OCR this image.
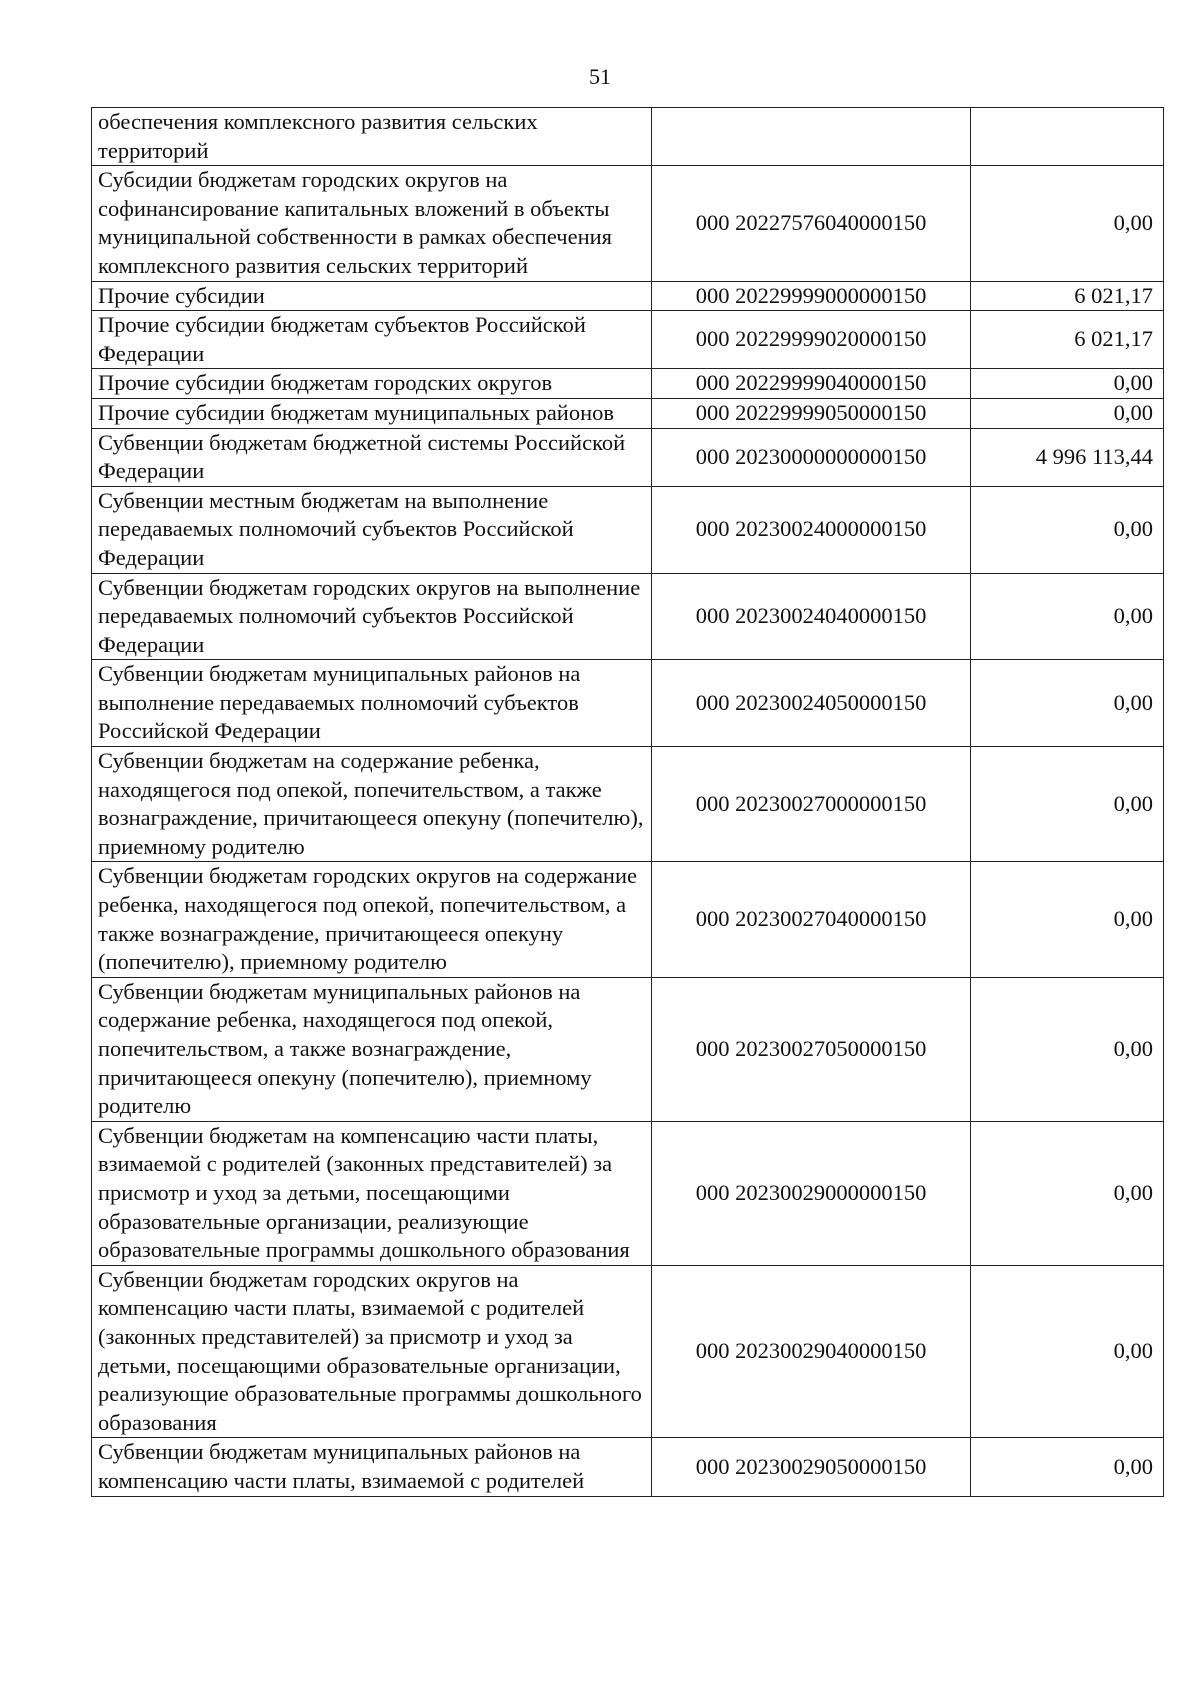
51
обеспечения комплексного развития сельских территорий		
Субсидии бюджетам городских округов на софинансирование капитальных вложений в объекты муниципальной собственности в рамках обеспечения комплексного развития сельских территорий	000 20227576040000150	0,00
Прочие субсидии	000 20229999000000150	6 021,17
Прочие субсидии бюджетам субъектов Российской Федерации	000 20229999020000150	6 021,17
Прочие субсидии бюджетам городских округов	000 20229999040000150	0,00
Прочие субсидии бюджетам муниципальных районов	000 20229999050000150	0,00
Субвенции бюджетам бюджетной системы Российской Федерации	000 20230000000000150	4 996 113,44
Субвенции местным бюджетам на выполнение передаваемых полномочий субъектов Российской Федерации	000 20230024000000150	0,00
Субвенции бюджетам городских округов на выполнение передаваемых полномочий субъектов Российской Федерации	000 20230024040000150	0,00
Субвенции бюджетам муниципальных районов на выполнение передаваемых полномочий субъектов Российской Федерации	000 20230024050000150	0,00
Субвенции бюджетам на содержание ребенка, находящегося под опекой, попечительством, а также вознаграждение, причитающееся опекуну (попечителю), приемному родителю	000 20230027000000150	0,00
Субвенции бюджетам городских округов на содержание ребенка, находящегося под опекой, попечительством, а также вознаграждение, причитающееся опекуну (попечителю), приемному родителю	000 20230027040000150	0,00
Субвенции бюджетам муниципальных районов на содержание ребенка, находящегося под опекой, попечительством, а также вознаграждение, причитающееся опекуну (попечителю), приемному родителю	000 20230027050000150	0,00
Субвенции бюджетам на компенсацию части платы, взимаемой с родителей (законных представителей) за присмотр и уход за детьми, посещающими образовательные организации, реализующие образовательные программы дошкольного образования	000 20230029000000150	0,00
Субвенции бюджетам городских округов на компенсацию части платы, взимаемой с родителей (законных представителей) за присмотр и уход за детьми, посещающими образовательные организации, реализующие образовательные программы дошкольного образования	000 20230029040000150	0,00
Субвенции бюджетам муниципальных районов на компенсацию части платы, взимаемой с родителей	000 20230029050000150	0,00
